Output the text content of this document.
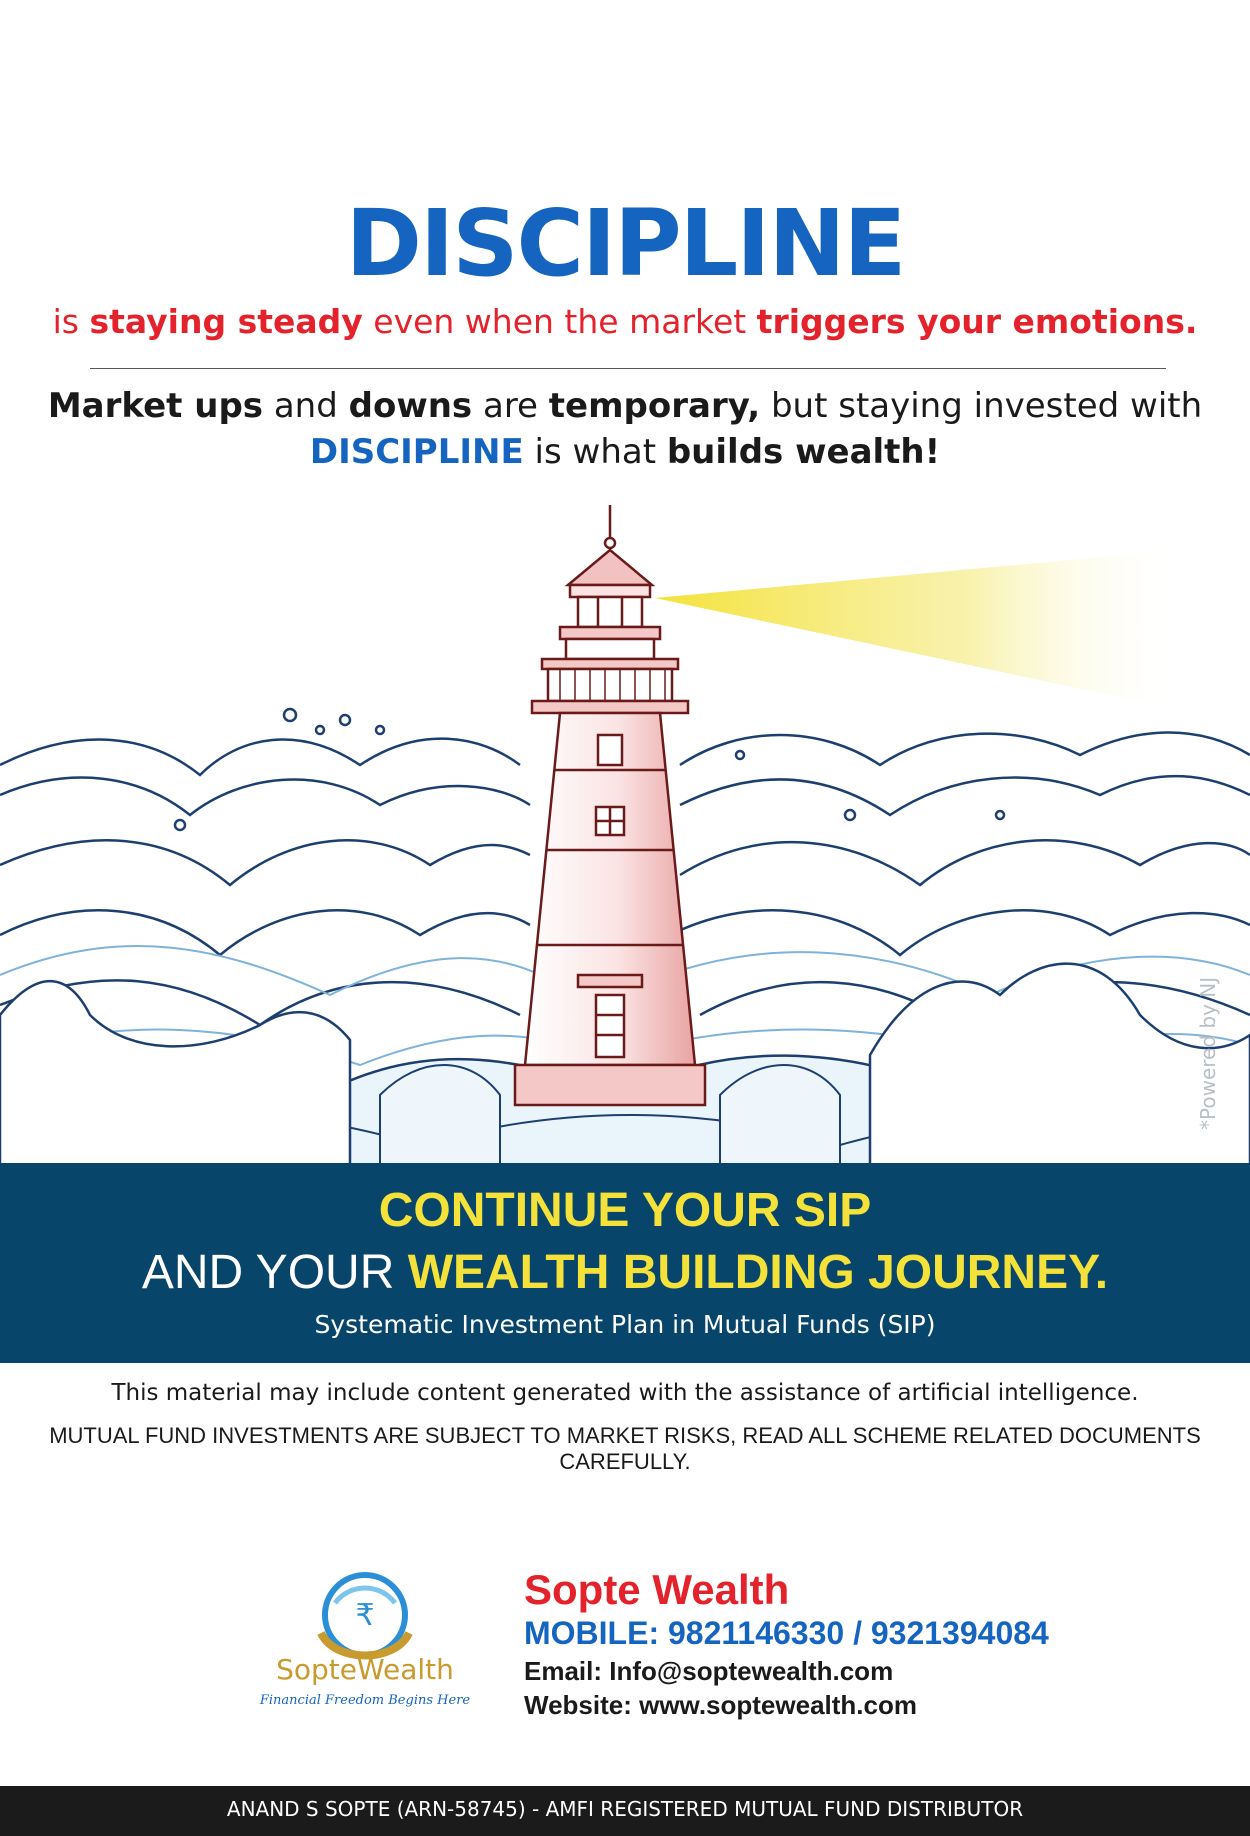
DISCIPLINE
is staying steady even when the market triggers your emotions.
Market ups and downs are temporary, but staying invested with
DISCIPLINE is what builds wealth!
*Powered by NJ
CONTINUE YOUR SIP
AND YOUR WEALTH BUILDING JOURNEY.
Systematic Investment Plan in Mutual Funds (SIP)
This material may include content generated with the assistance of artificial intelligence.
MUTUAL FUND INVESTMENTS ARE SUBJECT TO MARKET RISKS, READ ALL SCHEME RELATED DOCUMENTS CAREFULLY.
₹
SopteWealth
Financial Freedom Begins Here
Sopte Wealth
MOBILE: 9821146330 / 9321394084
Email: Info@soptewealth.com
Website: www.soptewealth.com
ANAND S SOPTE (ARN-58745) - AMFI REGISTERED MUTUAL FUND DISTRIBUTOR
